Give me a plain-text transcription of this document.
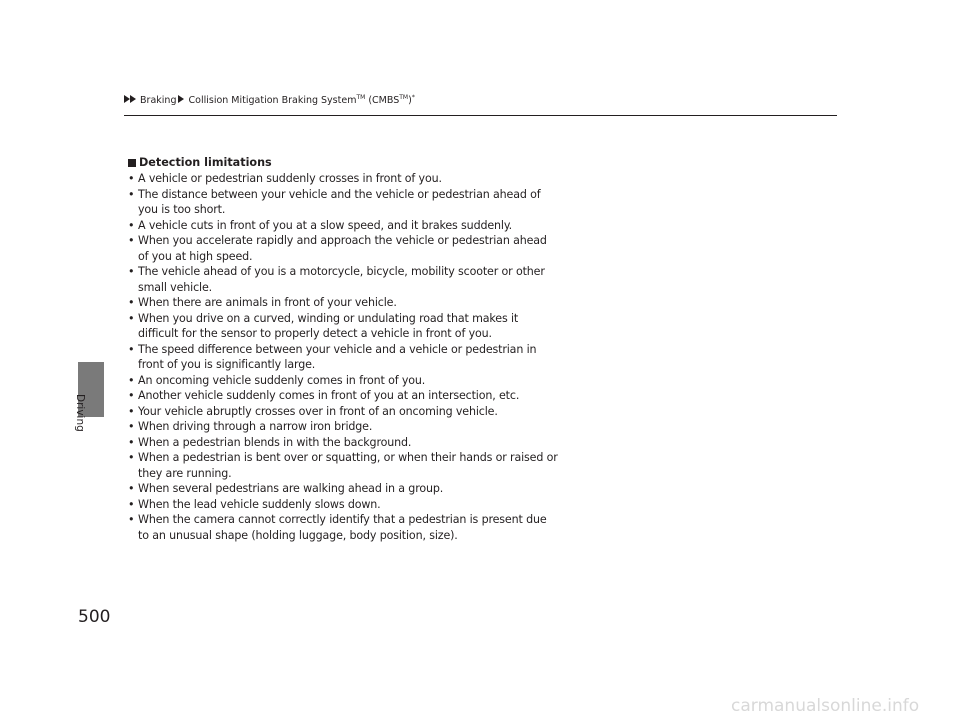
Braking Collision Mitigation Braking System™ (CMBS™)*
Driving
Detection limitations
• A vehicle or pedestrian suddenly crosses in front of you.
• The distance between your vehicle and the vehicle or pedestrian ahead of you is too short.
• A vehicle cuts in front of you at a slow speed, and it brakes suddenly.
• When you accelerate rapidly and approach the vehicle or pedestrian ahead of you at high speed.
• The vehicle ahead of you is a motorcycle, bicycle, mobility scooter or other small vehicle.
• When there are animals in front of your vehicle.
• When you drive on a curved, winding or undulating road that makes it difficult for the sensor to properly detect a vehicle in front of you.
• The speed difference between your vehicle and a vehicle or pedestrian in front of you is significantly large.
• An oncoming vehicle suddenly comes in front of you.
• Another vehicle suddenly comes in front of you at an intersection, etc.
• Your vehicle abruptly crosses over in front of an oncoming vehicle.
• When driving through a narrow iron bridge.
• When a pedestrian blends in with the background.
• When a pedestrian is bent over or squatting, or when their hands or raised or they are running.
• When several pedestrians are walking ahead in a group.
• When the lead vehicle suddenly slows down.
• When the camera cannot correctly identify that a pedestrian is present due to an unusual shape (holding luggage, body position, size).
500
carmanualsonline.info
